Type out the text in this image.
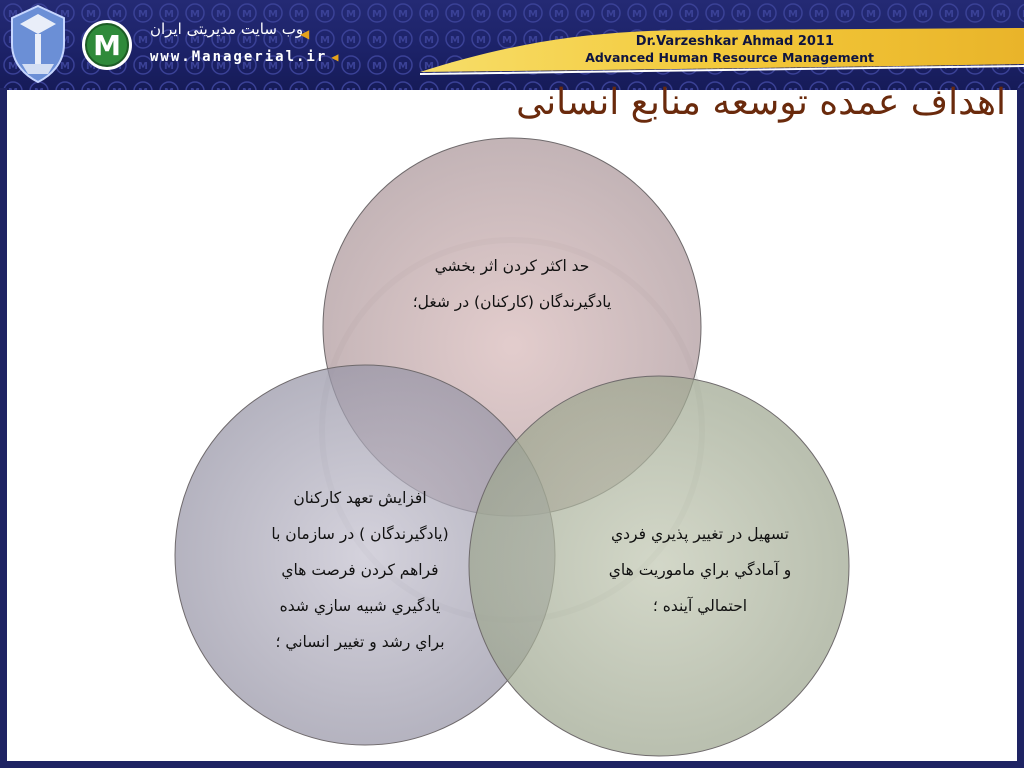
M وب سایت مدیریتی ایران
◀
www.Managerial.ir ◀
Dr.Varzeshkar Ahmad 2011
Advanced Human Resource Management
اهداف عمده توسعه منابع انسانی
حد اکثر کردن اثر بخشي
يادگيرندگان (کارکنان) در شغل؛
افزايش تعهد کارکنان
(يادگيرندگان ) در سازمان با
فراهم کردن فرصت هاي
يادگيري شبيه سازي شده
براي رشد و تغيير انساني ؛
تسهيل در تغيير پذيري فردي
و آمادگي براي ماموريت هاي
احتمالي آينده ؛
